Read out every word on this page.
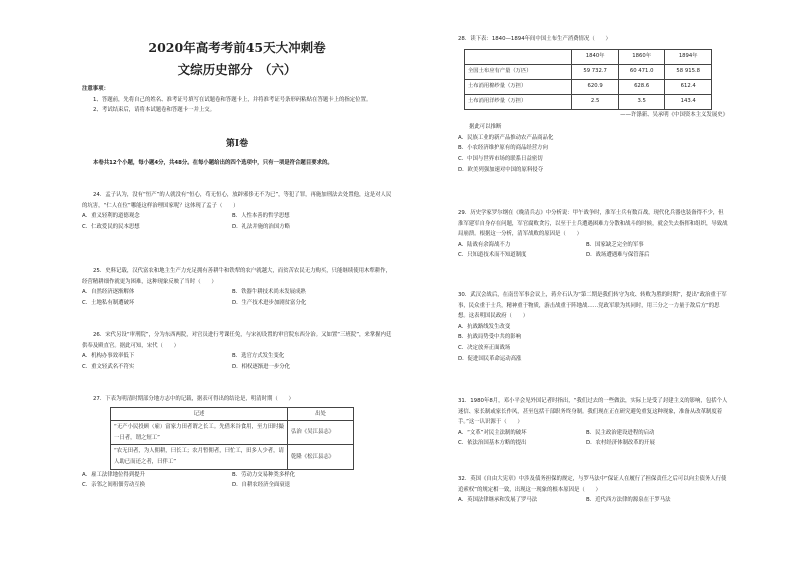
2020年高考考前45天大冲刺卷
文综历史部分　（六）
注意事项：
1、答题前，先将自己的姓名、准考证号填写在试题卷和答题卡上，并将准考证号条形码粘贴在答题卡上的指定位置。
2、考试结束后，请将本试题卷和答题卡一并上交。
第Ⅰ卷
本卷共12个小题，每小题4分，共48分。在每小题给出的四个选项中，只有一项是符合题目要求的。
24．孟子认为，没有“恒产”的人就没有“恒心，苟无恒心，放辟邪侈无不为已”，等犯了罪，再施加刑法去处置他，这是对人民的坑害，“仁人在位”哪能这样治理国家呢？这体现了孟子（　　）
A．重义轻利的道德观念	B．人性本善的哲学思想
C．仁政爱民的民本思想	D．礼法并施的治国方略
25．史料记载，汉代富农和地主生产力充足拥有善耕牛和铁犁的农户就越大，而贫苦农民无力购买，只能继续使用木犁耕作，经营精耕细作就更为困难，这种现象反映了当时（　　）
A．自然经济逐渐解体	B．铁器牛耕技术尚未发展成熟
C．土地私有制遭破坏	D．生产技术进步加剧贫富分化
26．宋代另设“审刑院”，分为东西两院，对官员进行考课任免，与宋初设置的审官院东西分治。又如置“三班院”，来掌握内廷供奉及殿直官。据此可知，宋代（　　）
A．机构办事效率低下	B．选官方式发生变化
C．重文轻武名不符实	D．相权逐渐进一步分化
27．下表为明清时期部分地方志中的记载，据表可得出的结论是，明清时期（　　）
记述	出处
“无产小民投顾（雇）富家力田者谓之长工。先借米谷食用，至力田时撮一日者，谓之短工”	弘治《吴江县志》
“农无田者，为人佣耕，曰长工；农月暂佣者，曰忙工，田多人少者，请人助已而还之者，曰伴工”	乾隆《松江县志》
A．雇工法律地位得到提升	B．劳动力交易种类多样化
C．亲邻之间租佃劳动互换	D．自耕农经济全面衰退
28．读下表：1840—1894年间中国土布生产消费情况（　　）
	1840年	1860年	1894年
全国土布应有产量（万匹）	59 732.7	60 471.0	58 915.8
土布消用棉纱量（万担）	620.9	628.6	612.4
土布消用洋纱量（万担）	2.5	3.5	143.4
——许涤新、吴承明《中国资本主义发展史》
据此可以推断
A．民族工业的新产品推动农产品商品化
B．小农经济维护原有的商品经营方向
C．中国与世界市场的联系日益密切
D．欧美列强加速对中国的原料侵夺
29．历史学家罗尔纲在《晚清兵志》中分析说：甲午战争时，淮军士兵有数百战，现代化兵器也装备得不少，但淮军建军自身存在问题，军官腐败贪污，以至于士兵遭遇困难力分散和战斗的时候，就会失去指挥和组织，导致战局崩溃。根据这一分析，清军战败的原因是（　　）
A．陆战有余海战不力	B．国家缺乏完全的军事
C．只知道技术而不知道制度	D．战场遭遇难与保管落后
30．武汉会战后，在南岳军事会议上，蒋介石认为“第二期是我们转守为攻、转败为胜的时期”，提出“政治重于军事，民众重于士兵，精神重于物质，游击战重于阵地战……党政军联为其同时，用三分之一力量于敌后方”的思想。这表明国民政府（　　）
A．抗战路线发生改变
B．抗战局势受中共的影响
C．决定放弃正面战场
D．促进国民革命运动高涨
31．1980年8月，邓小平会见外国记者时指出，“我们过去的一些做法，实际上是受了封建主义的影响，包括个人迷信、家长制或家长作风，甚至包括干部职务终身制。我们现在正在研究避免重复这种现象，准备从改革制度着手。”这一认识源于（　　）
A．“文革”对民主法制的破坏	B．民主政治建设进程的启动
C．依法治国基本方略的提出	D．农村经济体制改革的开展
32．英国《自由大宪章》中涉及债务担保的规定，与罗马法中“保证人在履行了担保责任之后可以向主债务人行使追索权”的规定相一致，出现这一现象的根本原因是（　　）
A．英国法律继承和发展了罗马法	B．近代西方法律的源泉在于罗马法
